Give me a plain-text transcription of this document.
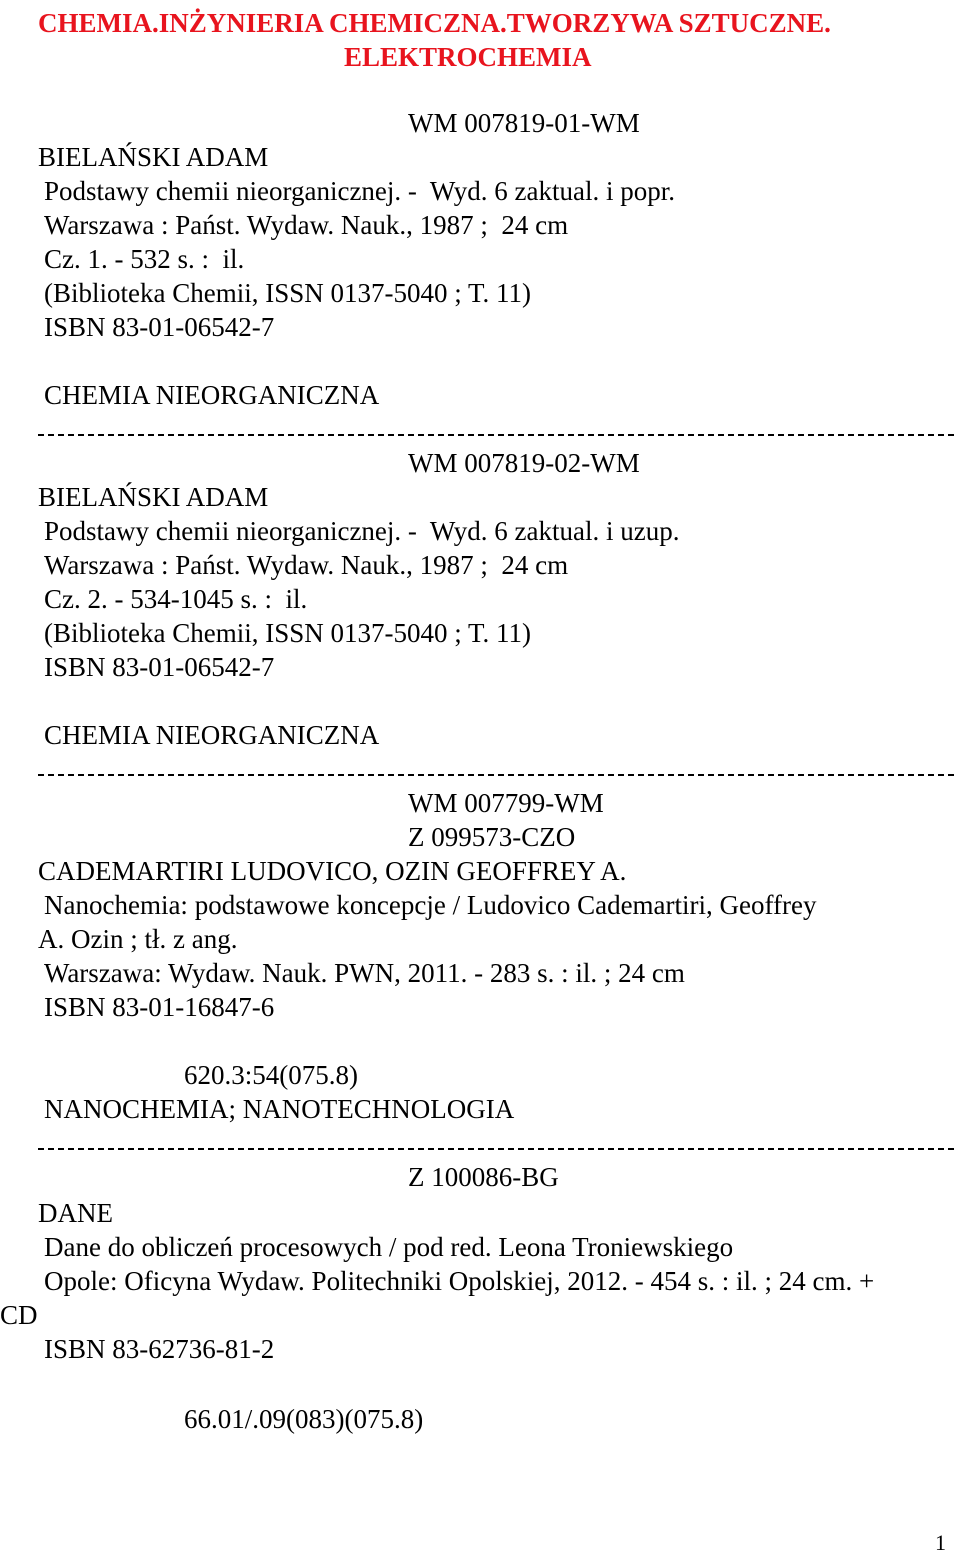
CHEMIA.INŻYNIERIA CHEMICZNA.TWORZYWA SZTUCZNE.
ELEKTROCHEMIA
WM 007819-01-WM
BIELAŃSKI ADAM
Podstawy chemii nieorganicznej. -  Wyd. 6 zaktual. i popr.
Warszawa : Państ. Wydaw. Nauk., 1987 ;  24 cm
Cz. 1. - 532 s. :  il.
(Biblioteka Chemii, ISSN 0137-5040 ; T. 11)
ISBN 83-01-06542-7
CHEMIA NIEORGANICZNA
WM 007819-02-WM
BIELAŃSKI ADAM
Podstawy chemii nieorganicznej. -  Wyd. 6 zaktual. i uzup.
Warszawa : Państ. Wydaw. Nauk., 1987 ;  24 cm
Cz. 2. - 534-1045 s. :  il.
(Biblioteka Chemii, ISSN 0137-5040 ; T. 11)
ISBN 83-01-06542-7
CHEMIA NIEORGANICZNA
WM 007799-WM
Z 099573-CZO
CADEMARTIRI LUDOVICO, OZIN GEOFFREY A.
Nanochemia: podstawowe koncepcje / Ludovico Cademartiri, Geoffrey
A. Ozin ; tł. z ang.
Warszawa: Wydaw. Nauk. PWN, 2011. - 283 s. : il. ; 24 cm
ISBN 83-01-16847-6
620.3:54(075.8)
NANOCHEMIA; NANOTECHNOLOGIA
Z 100086-BG
DANE
Dane do obliczeń procesowych / pod red. Leona Troniewskiego
Opole: Oficyna Wydaw. Politechniki Opolskiej, 2012. - 454 s. : il. ; 24 cm. +
CD
ISBN 83-62736-81-2
66.01/.09(083)(075.8)
1
